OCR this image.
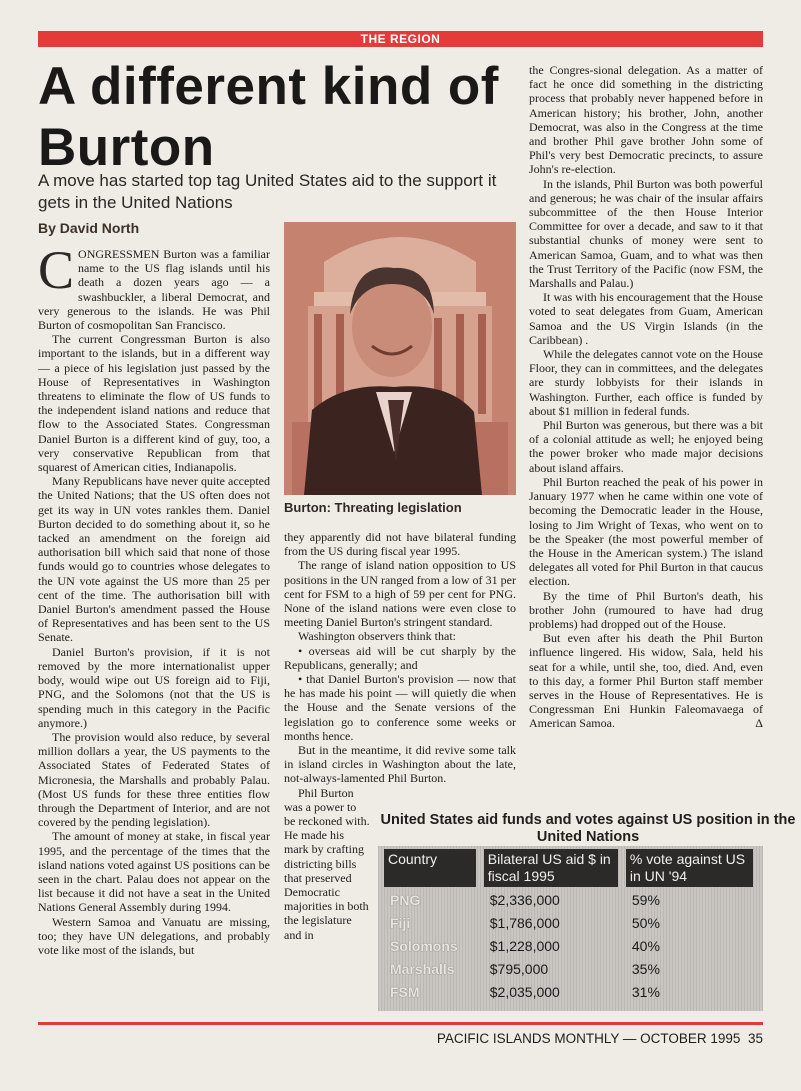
THE REGION
A different kind of Burton
A move has started top tag United States aid to the support it gets in the United Nations
By David North

CONGRESSMEN Burton was a familiar name to the US flag islands until his death a dozen years ago — a swashbuckler, a liberal Democrat, and very generous to the islands. He was Phil Burton of cosmopolitan San Francisco.

The current Congressman Burton is also important to the islands, but in a different way — a piece of his legislation just passed by the House of Representatives in Washington threatens to eliminate the flow of US funds to the independent island nations and reduce that flow to the Associated States. Congressman Daniel Burton is a different kind of guy, too, a very conservative Republican from that squarest of American cities, Indianapolis.

Many Republicans have never quite accepted the United Nations; that the US often does not get its way in UN votes rankles them. Daniel Burton decided to do something about it, so he tacked an amendment on the foreign aid authorisation bill which said that none of those funds would go to countries whose delegates to the UN vote against the US more than 25 per cent of the time. The authorisation bill with Daniel Burton's amendment passed the House of Representatives and has been sent to the US Senate.

Daniel Burton's provision, if it is not removed by the more internationalist upper body, would wipe out US foreign aid to Fiji, PNG, and the Solomons (not that the US is spending much in this category in the Pacific anymore.)

The provision would also reduce, by several million dollars a year, the US payments to the Associated States of Federated States of Micronesia, the Marshalls and probably Palau. (Most US funds for these three entities flow through the Department of Interior, and are not covered by the pending legislation).

The amount of money at stake, in fiscal year 1995, and the percentage of the times that the island nations voted against US positions can be seen in the chart. Palau does not appear on the list because it did not have a seat in the United Nations General Assembly during 1994.

Western Samoa and Vanuatu are missing, too; they have UN delegations, and probably vote like most of the islands, but

Burton: Threating legislation

they apparently did not have bilateral funding from the US during fiscal year 1995.

The range of island nation opposition to US positions in the UN ranged from a low of 31 per cent for FSM to a high of 59 per cent for PNG. None of the island nations were even close to meeting Daniel Burton's stringent standard.

Washington observers think that:

• overseas aid will be cut sharply by the Republicans, generally; and

• that Daniel Burton's provision — now that he has made his point — will quietly die when the House and the Senate versions of the legislation go to conference some weeks or months hence.

But in the meantime, it did revive some talk in island circles in Washington about the late, not-always-lamented Phil Burton.

Phil Burton was a power to be reckoned with. He made his mark by crafting districting bills that preserved Democratic majorities in both the legislature and in

the Congres-sional delegation. As a matter of fact he once did something in the districting process that probably never happened before in American history; his brother, John, another Democrat, was also in the Congress at the time and brother Phil gave brother John some of Phil's very best Democratic precincts, to assure John's re-election.

In the islands, Phil Burton was both powerful and generous; he was chair of the insular affairs subcommittee of the then House Interior Committee for over a decade, and saw to it that substantial chunks of money were sent to American Samoa, Guam, and to what was then the Trust Territory of the Pacific (now FSM, the Marshalls and Palau.)

It was with his encouragement that the House voted to seat delegates from Guam, American Samoa and the US Virgin Islands (in the Caribbean) .

While the delegates cannot vote on the House Floor, they can in committees, and the delegates are sturdy lobbyists for their islands in Washington. Further, each office is funded by about $1 million in federal funds.

Phil Burton was generous, but there was a bit of a colonial attitude as well; he enjoyed being the power broker who made major decisions about island affairs.

Phil Burton reached the peak of his power in January 1977 when he came within one vote of becoming the Democratic leader in the House, losing to Jim Wright of Texas, who went on to be the Speaker (the most powerful member of the House in the American system.) The island delegates all voted for Phil Burton in that caucus election.

By the time of Phil Burton's death, his brother John (rumoured to have had drug problems) had dropped out of the House.

But even after his death the Phil Burton influence lingered. His widow, Sala, held his seat for a while, until she, too, died. And, even to this day, a former Phil Burton staff member serves in the House of Representatives. He is Congressman Eni Hunkin Faleomavaega of American Samoa.	Δ

United States aid funds and votes against US position in the United Nations
Country	Bilateral US aid $ in fiscal 1995	% vote against US in UN '94
PNG	$2,336,000	59%
Fiji	$1,786,000	50%
Solomons	$1,228,000	40%
Marshalls	$795,000	35%
FSM	$2,035,000	31%
PACIFIC ISLANDS MONTHLY — OCTOBER 1995 35
